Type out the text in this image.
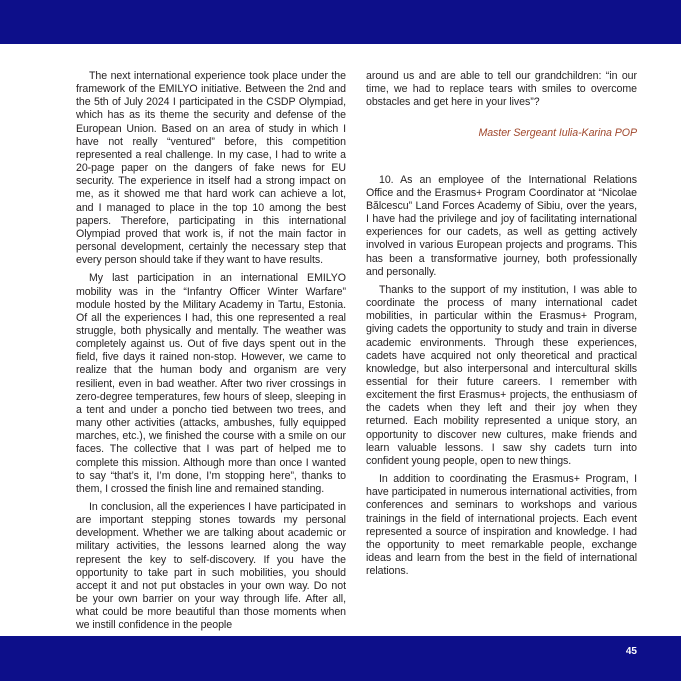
The next international experience took place under the framework of the EMILYO initiative. Between the 2nd and the 5th of July 2024 I participated in the CSDP Olympiad, which has as its theme the security and defense of the European Union. Based on an area of study in which I have not really “ventured” before, this competition represented a real challenge. In my case, I had to write a 20-page paper on the dangers of fake news for EU security. The experience in itself had a strong impact on me, as it showed me that hard work can achieve a lot, and I managed to place in the top 10 among the best papers. Therefore, participating in this international Olympiad proved that work is, if not the main factor in personal development, certainly the necessary step that every person should take if they want to have results.

My last participation in an international EMILYO mobility was in the “Infantry Officer Winter Warfare” module hosted by the Military Academy in Tartu, Estonia. Of all the experiences I had, this one represented a real struggle, both physically and mentally. The weather was completely against us. Out of five days spent out in the field, five days it rained non-stop. However, we came to realize that the human body and organism are very resilient, even in bad weather. After two river crossings in zero-degree temperatures, few hours of sleep, sleeping in a tent and under a poncho tied between two trees, and many other activities (attacks, ambushes, fully equipped marches, etc.), we finished the course with a smile on our faces. The collective that I was part of helped me to complete this mission. Although more than once I wanted to say “that’s it, I’m done, I’m stopping here”, thanks to them, I crossed the finish line and remained standing.

In conclusion, all the experiences I have participated in are important stepping stones towards my personal development. Whether we are talking about academic or military activities, the lessons learned along the way represent the key to self-discovery. If you have the opportunity to take part in such mobilities, you should accept it and not put obstacles in your own way. Do not be your own barrier on your way through life. After all, what could be more beautiful than those moments when we instill confidence in the people

around us and are able to tell our grandchildren: “in our time, we had to replace tears with smiles to overcome obstacles and get here in your lives”?

Master Sergeant Iulia-Karina POP

10. As an employee of the International Relations Office and the Erasmus+ Program Coordinator at “Nicolae Bălcescu” Land Forces Academy of Sibiu, over the years, I have had the privilege and joy of facilitating international experiences for our cadets, as well as getting actively involved in various European projects and programs. This has been a transformative journey, both professionally and personally.

Thanks to the support of my institution, I was able to coordinate the process of many international cadet mobilities, in particular within the Erasmus+ Program, giving cadets the opportunity to study and train in diverse academic environments. Through these experiences, cadets have acquired not only theoretical and practical knowledge, but also interpersonal and intercultural skills essential for their future careers. I remember with excitement the first Erasmus+ projects, the enthusiasm of the cadets when they left and their joy when they returned. Each mobility represented a unique story, an opportunity to discover new cultures, make friends and learn valuable lessons. I saw shy cadets turn into confident young people, open to new things.

In addition to coordinating the Erasmus+ Program, I have participated in numerous international activities, from conferences and seminars to workshops and various trainings in the field of international projects. Each event represented a source of inspiration and knowledge. I had the opportunity to meet remarkable people, exchange ideas and learn from the best in the field of international relations.

45
